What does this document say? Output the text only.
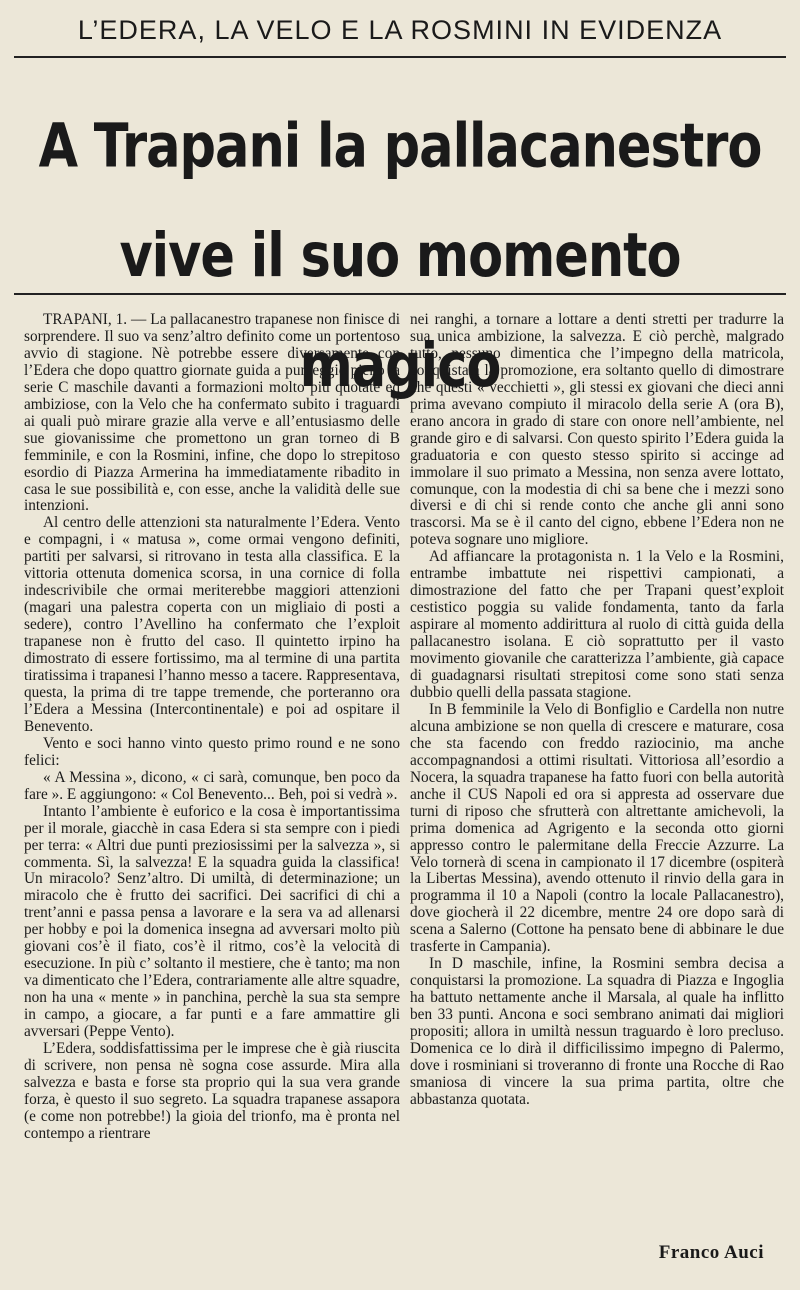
L’EDERA, LA VELO E LA ROSMINI IN EVIDENZA
A Trapani la pallacanestro
vive il suo momento magico

TRAPANI, 1. — La pallacanestro trapanese non finisce di sorprendere. Il suo va senz’altro definito come un portentoso avvio di stagione. Nè potrebbe essere diversamente con l’Edera che dopo quattro giornate guida a punteggio pieno la serie C maschile davanti a formazioni molto più quotate ed ambiziose, con la Velo che ha confermato subito i traguardi ai quali può mirare grazie alla verve e all’entusiasmo delle sue giovanissime che promettono un gran torneo di B femminile, e con la Rosmini, infine, che dopo lo strepitoso esordio di Piazza Armerina ha immediatamente ribadito in casa le sue possibilità e, con esse, anche la validità delle sue intenzioni.

Al centro delle attenzioni sta naturalmente l’Edera. Vento e compagni, i « matusa », come ormai vengono definiti, partiti per salvarsi, si ritrovano in testa alla classifica. E la vittoria ottenuta domenica scorsa, in una cornice di folla indescrivibile che ormai meriterebbe maggiori attenzioni (magari una palestra coperta con un migliaio di posti a sedere), contro l’Avellino ha confermato che l’exploit trapanese non è frutto del caso. Il quintetto irpino ha dimostrato di essere fortissimo, ma al termine di una partita tiratissima i trapanesi l’hanno messo a tacere. Rappresentava, questa, la prima di tre tappe tremende, che porteranno ora l’Edera a Messina (Intercontinentale) e poi ad ospitare il Benevento.

Vento e soci hanno vinto questo primo round e ne sono felici:

« A Messina », dicono, « ci sarà, comunque, ben poco da fare ». E aggiungono: « Col Benevento... Beh, poi si vedrà ».

Intanto l’ambiente è euforico e la cosa è importantissima per il morale, giacchè in casa Edera si sta sempre con i piedi per terra: « Altri due punti preziosissimi per la salvezza », si commenta. Sì, la salvezza! E la squadra guida la classifica! Un miracolo? Senz’altro. Di umiltà, di determinazione; un miracolo che è frutto dei sacrifici. Dei sacrifici di chi a trent’anni e passa pensa a lavorare e la sera va ad allenarsi per hobby e poi la domenica insegna ad avversari molto più giovani cos’è il fiato, cos’è il ritmo, cos’è la velocità di esecuzione. In più c’ soltanto il mestiere, che è tanto; ma non va dimenticato che l’Edera, contrariamente alle altre squadre, non ha una « mente » in panchina, perchè la sua sta sempre in campo, a giocare, a far punti e a fare ammattire gli avversari (Peppe Vento).

L’Edera, soddisfattissima per le imprese che è già riuscita di scrivere, non pensa nè sogna cose assurde. Mira alla salvezza e basta e forse sta proprio qui la sua vera grande forza, è questo il suo segreto. La squadra trapanese assapora (e come non potrebbe!) la gioia del trionfo, ma è pronta nel contempo a rientrare

nei ranghi, a tornare a lottare a denti stretti per tradurre la sua unica ambizione, la salvezza. E ciò perchè, malgrado tutto, nessuno dimentica che l’impegno della matricola, conquistata la promozione, era soltanto quello di dimostrare che questi « vecchietti », gli stessi ex giovani che dieci anni prima avevano compiuto il miracolo della serie A (ora B), erano ancora in grado di stare con onore nell’ambiente, nel grande giro e di salvarsi. Con questo spirito l’Edera guida la graduatoria e con questo stesso spirito si accinge ad immolare il suo primato a Messina, non senza avere lottato, comunque, con la modestia di chi sa bene che i mezzi sono diversi e di chi si rende conto che anche gli anni sono trascorsi. Ma se è il canto del cigno, ebbene l’Edera non ne poteva sognare uno migliore.

Ad affiancare la protagonista n. 1 la Velo e la Rosmini, entrambe imbattute nei rispettivi campionati, a dimostrazione del fatto che per Trapani quest’exploit cestistico poggia su valide fondamenta, tanto da farla aspirare al momento addirittura al ruolo di città guida della pallacanestro isolana. E ciò soprattutto per il vasto movimento giovanile che caratterizza l’ambiente, già capace di guadagnarsi risultati strepitosi come sono stati senza dubbio quelli della passata stagione.

In B femminile la Velo di Bonfiglio e Cardella non nutre alcuna ambizione se non quella di crescere e maturare, cosa che sta facendo con freddo raziocinio, ma anche accompagnandosi a ottimi risultati. Vittoriosa all’esordio a Nocera, la squadra trapanese ha fatto fuori con bella autorità anche il CUS Napoli ed ora si appresta ad osservare due turni di riposo che sfrutterà con altrettante amichevoli, la prima domenica ad Agrigento e la seconda otto giorni appresso contro le palermitane della Freccie Azzurre. La Velo tornerà di scena in campionato il 17 dicembre (ospiterà la Libertas Messina), avendo ottenuto il rinvio della gara in programma il 10 a Napoli (contro la locale Pallacanestro), dove giocherà il 22 dicembre, mentre 24 ore dopo sarà di scena a Salerno (Cottone ha pensato bene di abbinare le due trasferte in Campania).

In D maschile, infine, la Rosmini sembra decisa a conquistarsi la promozione. La squadra di Piazza e Ingoglia ha battuto nettamente anche il Marsala, al quale ha inflitto ben 33 punti. Ancona e soci sembrano animati dai migliori propositi; allora in umiltà nessun traguardo è loro precluso. Domenica ce lo dirà il difficilissimo impegno di Palermo, dove i rosminiani si troveranno di fronte una Rocche di Rao smaniosa di vincere la sua prima partita, oltre che abbastanza quotata.

Franco Auci
